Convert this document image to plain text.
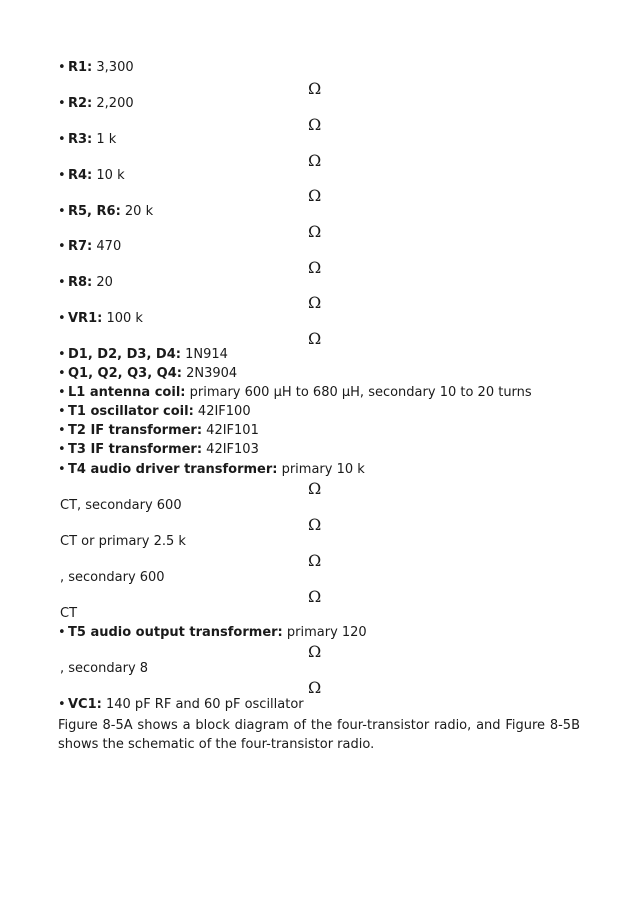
• R1: 3,300
Ω
• R2: 2,200
Ω
• R3: 1 k
Ω
• R4: 10 k
Ω
• R5, R6: 20 k
Ω
• R7: 470
Ω
• R8: 20
Ω
• VR1: 100 k
Ω
• D1, D2, D3, D4: 1N914
• Q1, Q2, Q3, Q4: 2N3904
• L1 antenna coil: primary 600 μH to 680 μH, secondary 10 to 20 turns
• T1 oscillator coil: 42IF100
• T2 IF transformer: 42IF101
• T3 IF transformer: 42IF103
• T4 audio driver transformer: primary 10 k
Ω
CT, secondary 600
Ω
CT or primary 2.5 k
Ω
, secondary 600
Ω
CT
• T5 audio output transformer: primary 120
Ω
, secondary 8
Ω
• VC1: 140 pF RF and 60 pF oscillator
Figure 8-5A shows a block diagram of the four-transistor radio, and Figure 8-5B shows the schematic of the four-transistor radio.
